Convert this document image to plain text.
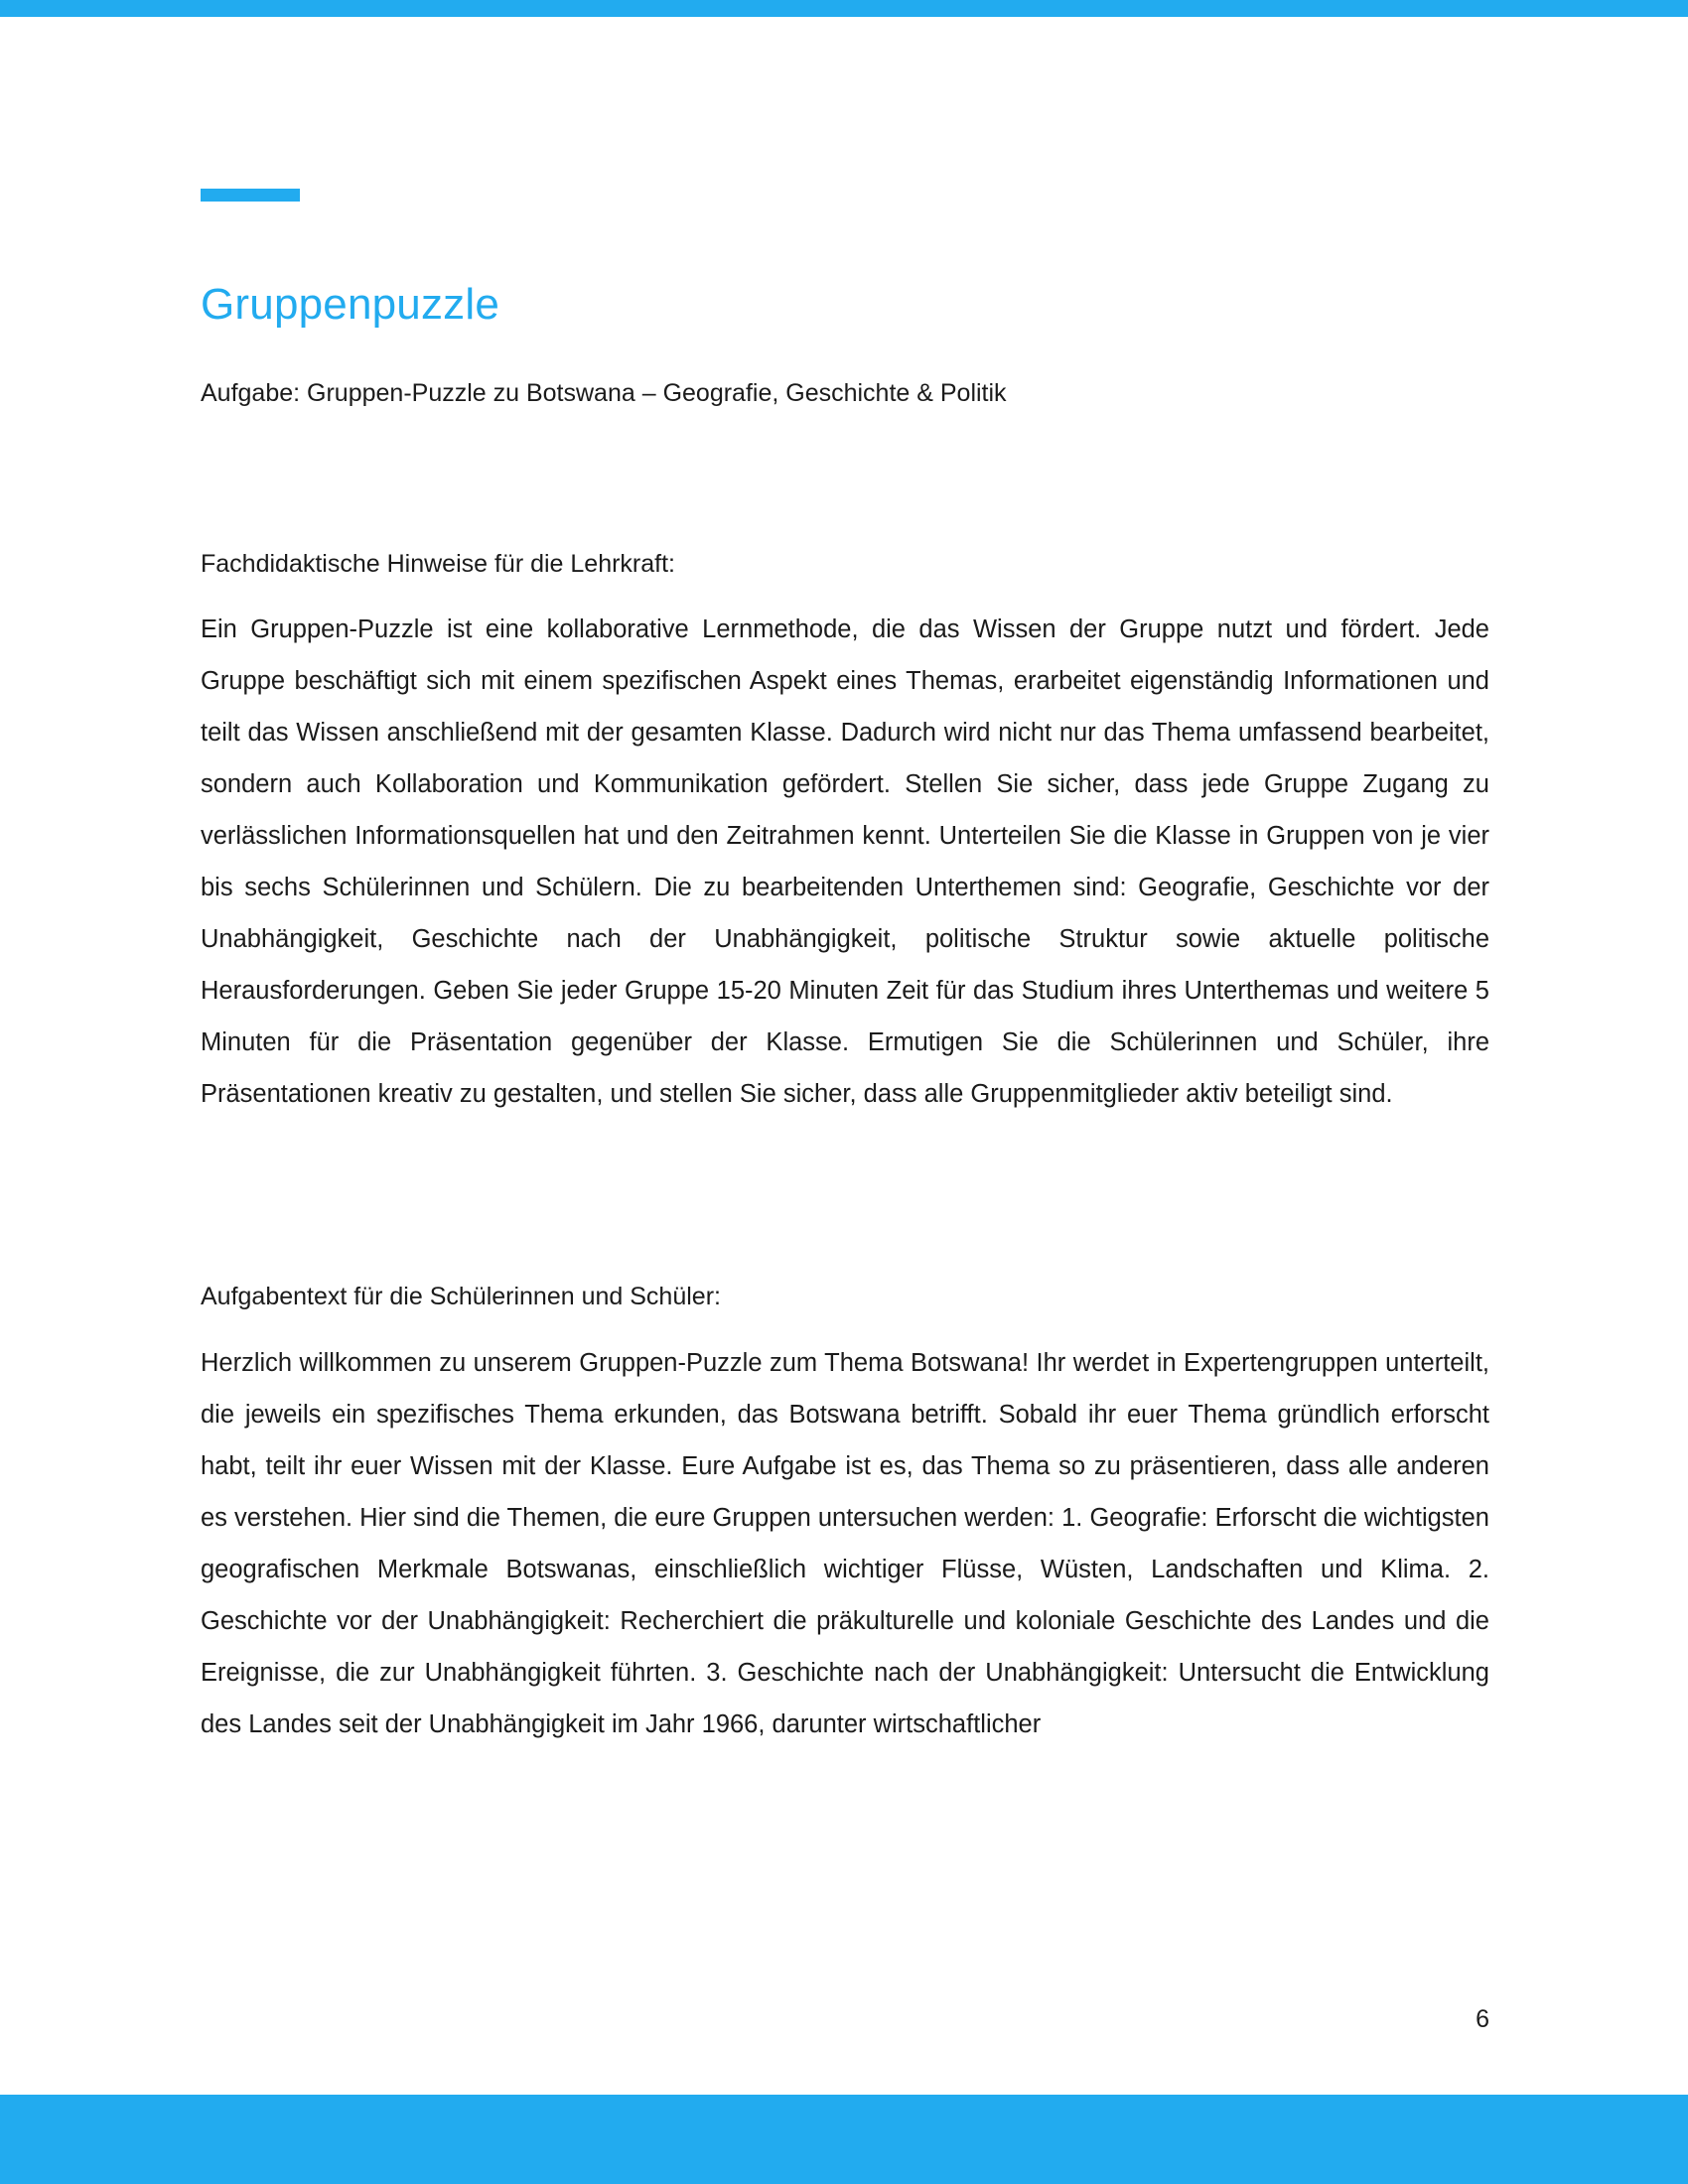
Gruppenpuzzle

Aufgabe: Gruppen-Puzzle zu Botswana – Geografie, Geschichte & Politik

Fachdidaktische Hinweise für die Lehrkraft:

Ein Gruppen-Puzzle ist eine kollaborative Lernmethode, die das Wissen der Gruppe nutzt und fördert. Jede Gruppe beschäftigt sich mit einem spezifischen Aspekt eines Themas, erarbeitet eigenständig Informationen und teilt das Wissen anschließend mit der gesamten Klasse. Dadurch wird nicht nur das Thema umfassend bearbeitet, sondern auch Kollaboration und Kommunikation gefördert. Stellen Sie sicher, dass jede Gruppe Zugang zu verlässlichen Informationsquellen hat und den Zeitrahmen kennt. Unterteilen Sie die Klasse in Gruppen von je vier bis sechs Schülerinnen und Schülern. Die zu bearbeitenden Unterthemen sind: Geografie, Geschichte vor der Unabhängigkeit, Geschichte nach der Unabhängigkeit, politische Struktur sowie aktuelle politische Herausforderungen. Geben Sie jeder Gruppe 15-20 Minuten Zeit für das Studium ihres Unterthemas und weitere 5 Minuten für die Präsentation gegenüber der Klasse. Ermutigen Sie die Schülerinnen und Schüler, ihre Präsentationen kreativ zu gestalten, und stellen Sie sicher, dass alle Gruppenmitglieder aktiv beteiligt sind.

Aufgabentext für die Schülerinnen und Schüler:

Herzlich willkommen zu unserem Gruppen-Puzzle zum Thema Botswana! Ihr werdet in Expertengruppen unterteilt, die jeweils ein spezifisches Thema erkunden, das Botswana betrifft. Sobald ihr euer Thema gründlich erforscht habt, teilt ihr euer Wissen mit der Klasse. Eure Aufgabe ist es, das Thema so zu präsentieren, dass alle anderen es verstehen. Hier sind die Themen, die eure Gruppen untersuchen werden: 1. Geografie: Erforscht die wichtigsten geografischen Merkmale Botswanas, einschließlich wichtiger Flüsse, Wüsten, Landschaften und Klima. 2. Geschichte vor der Unabhängigkeit: Recherchiert die präkulturelle und koloniale Geschichte des Landes und die Ereignisse, die zur Unabhängigkeit führten. 3. Geschichte nach der Unabhängigkeit: Untersucht die Entwicklung des Landes seit der Unabhängigkeit im Jahr 1966, darunter wirtschaftlicher

6
